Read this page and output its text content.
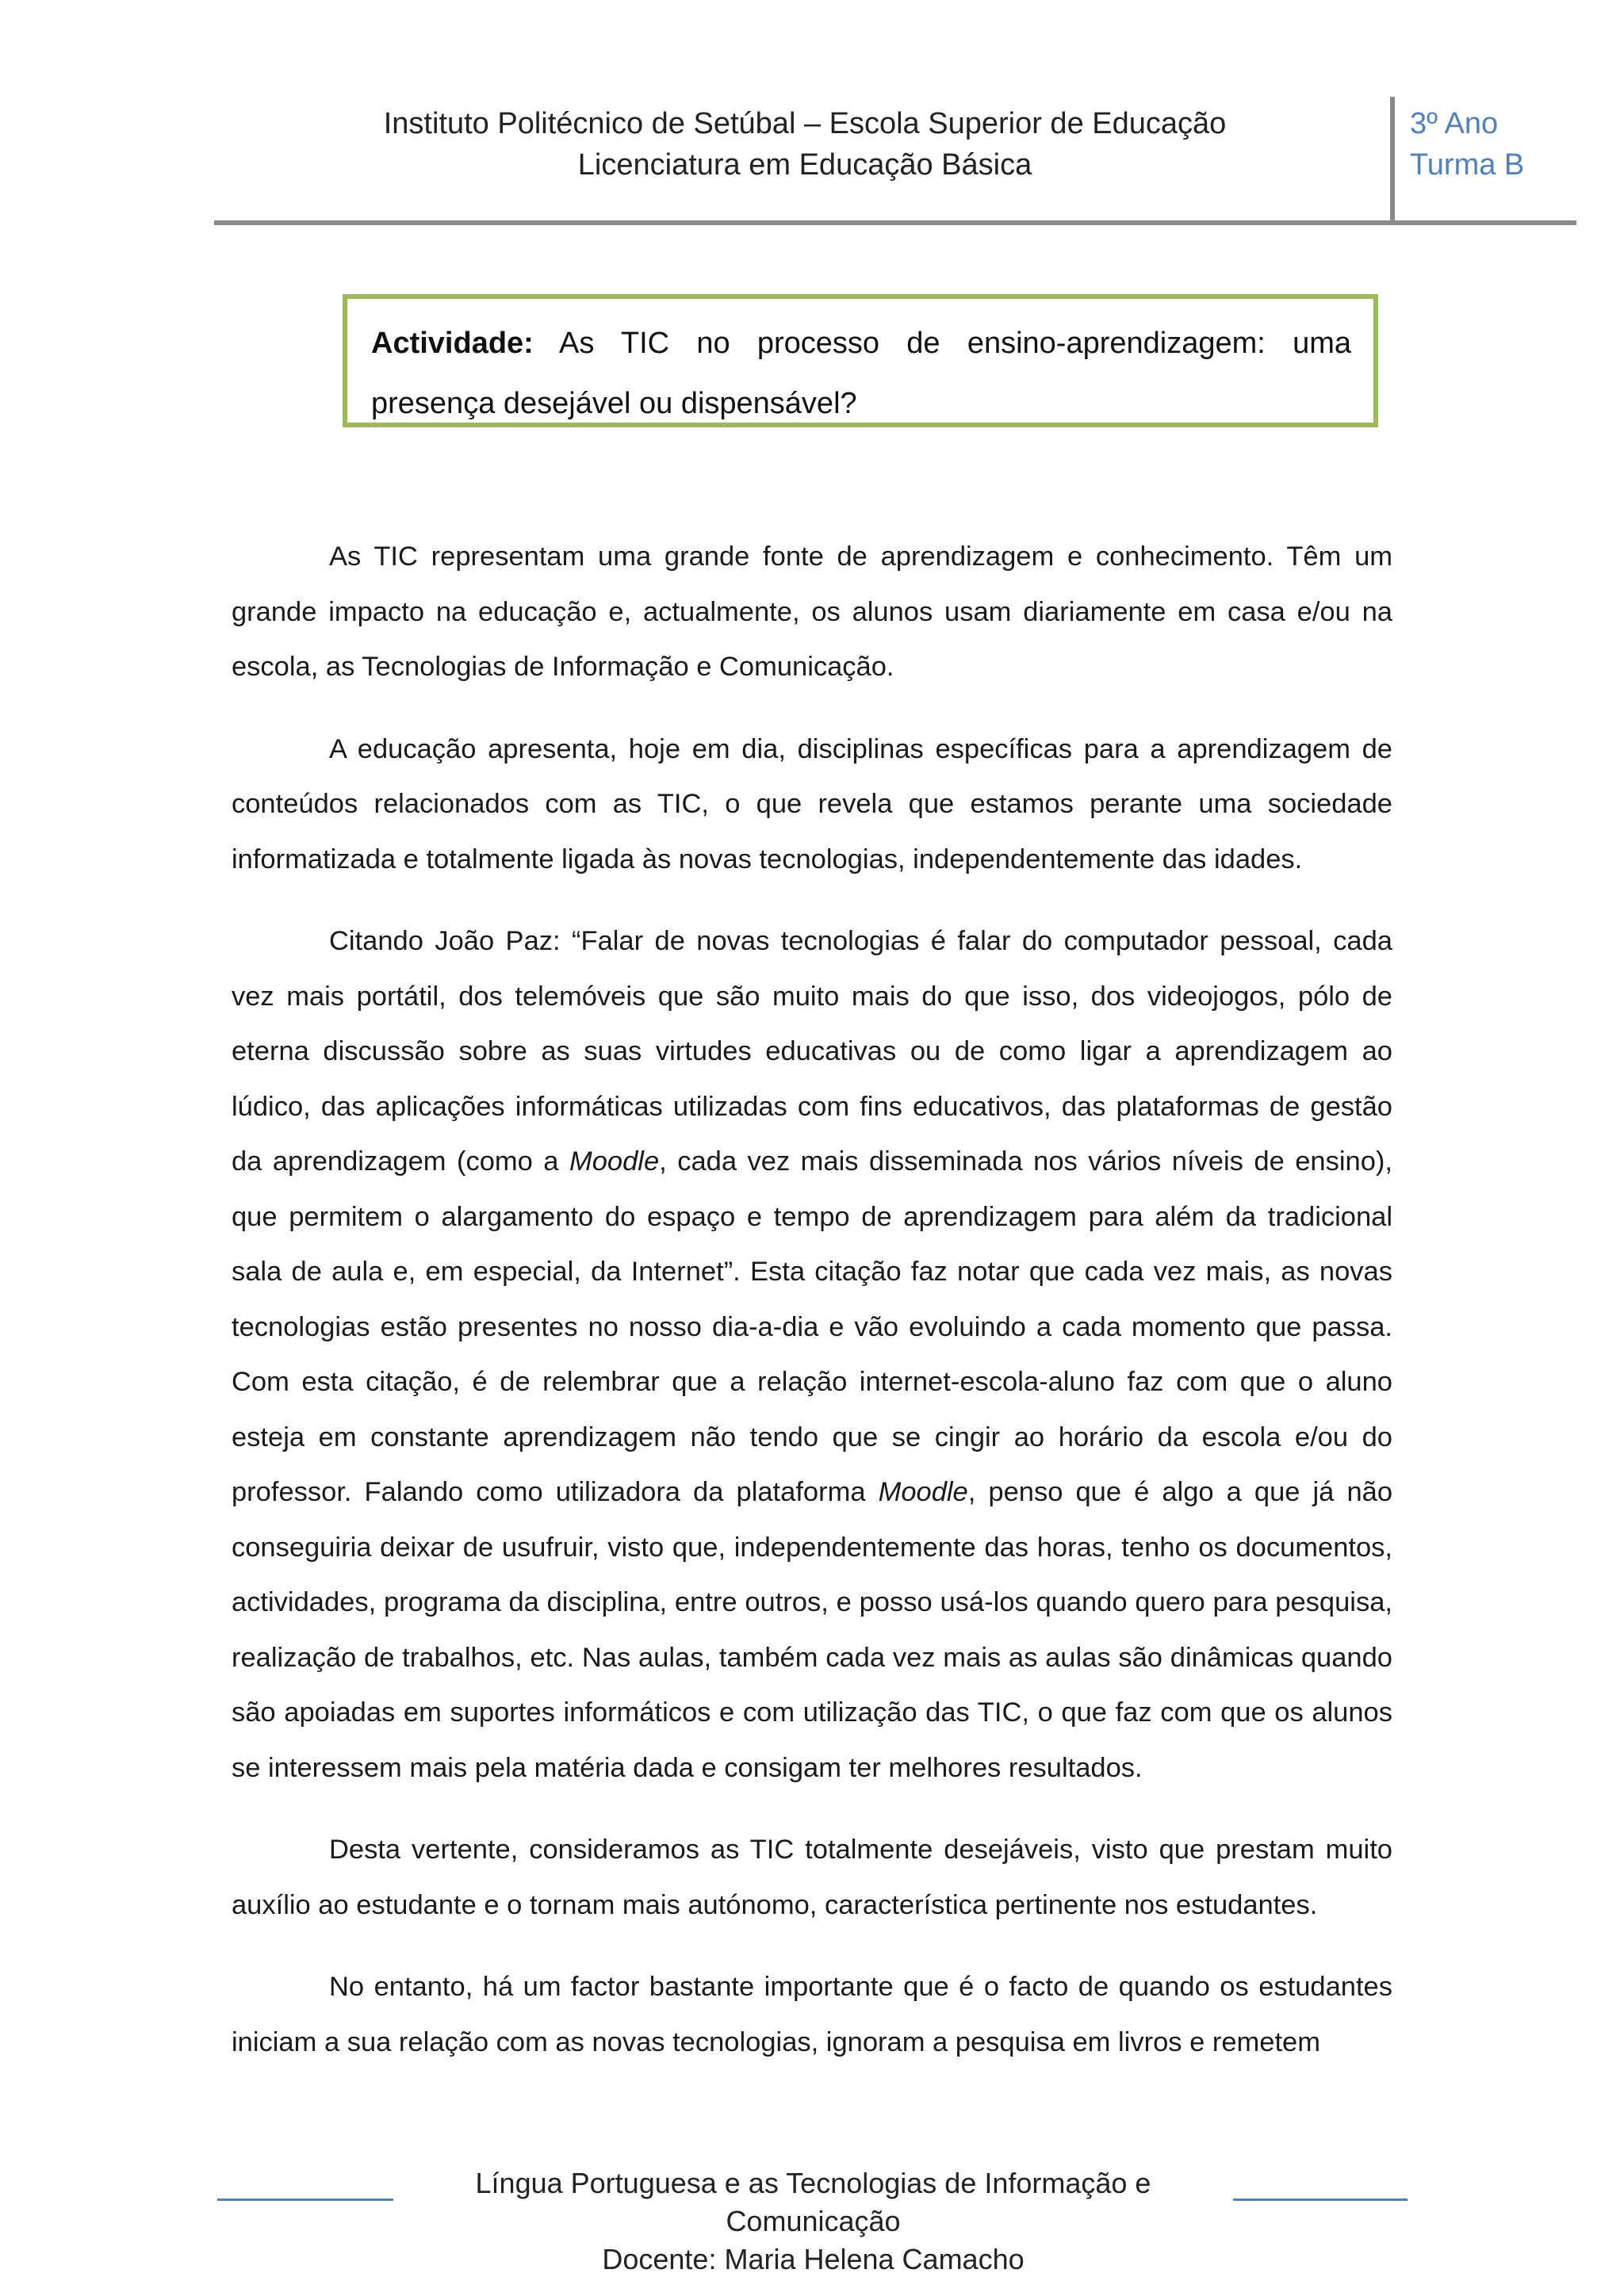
Instituto Politécnico de Setúbal – Escola Superior de Educação
Licenciatura em Educação Básica
3º Ano
Turma B
Actividade: As TIC no processo de ensino-aprendizagem: uma presença desejável ou dispensável?

As TIC representam uma grande fonte de aprendizagem e conhecimento. Têm um grande impacto na educação e, actualmente, os alunos usam diariamente em casa e/ou na escola, as Tecnologias de Informação e Comunicação.

A educação apresenta, hoje em dia, disciplinas específicas para a aprendizagem de conteúdos relacionados com as TIC, o que revela que estamos perante uma sociedade informatizada e totalmente ligada às novas tecnologias, independentemente das idades.

Citando João Paz: “Falar de novas tecnologias é falar do computador pessoal, cada vez mais portátil, dos telemóveis que são muito mais do que isso, dos videojogos, pólo de eterna discussão sobre as suas virtudes educativas ou de como ligar a aprendizagem ao lúdico, das aplicações informáticas utilizadas com fins educativos, das plataformas de gestão da aprendizagem (como a Moodle, cada vez mais disseminada nos vários níveis de ensino), que permitem o alargamento do espaço e tempo de aprendizagem para além da tradicional sala de aula e, em especial, da Internet”. Esta citação faz notar que cada vez mais, as novas tecnologias estão presentes no nosso dia-a-dia e vão evoluindo a cada momento que passa. Com esta citação, é de relembrar que a relação internet-escola-aluno faz com que o aluno esteja em constante aprendizagem não tendo que se cingir ao horário da escola e/ou do professor. Falando como utilizadora da plataforma Moodle, penso que é algo a que já não conseguiria deixar de usufruir, visto que, independentemente das horas, tenho os documentos, actividades, programa da disciplina, entre outros, e posso usá-los quando quero para pesquisa, realização de trabalhos, etc. Nas aulas, também cada vez mais as aulas são dinâmicas quando são apoiadas em suportes informáticos e com utilização das TIC, o que faz com que os alunos se interessem mais pela matéria dada e consigam ter melhores resultados.

Desta vertente, consideramos as TIC totalmente desejáveis, visto que prestam muito auxílio ao estudante e o tornam mais autónomo, característica pertinente nos estudantes.

No entanto, há um factor bastante importante que é o facto de quando os estudantes iniciam a sua relação com as novas tecnologias, ignoram a pesquisa em livros e remetem

Língua Portuguesa e as Tecnologias de Informação e Comunicação
Docente: Maria Helena Camacho
